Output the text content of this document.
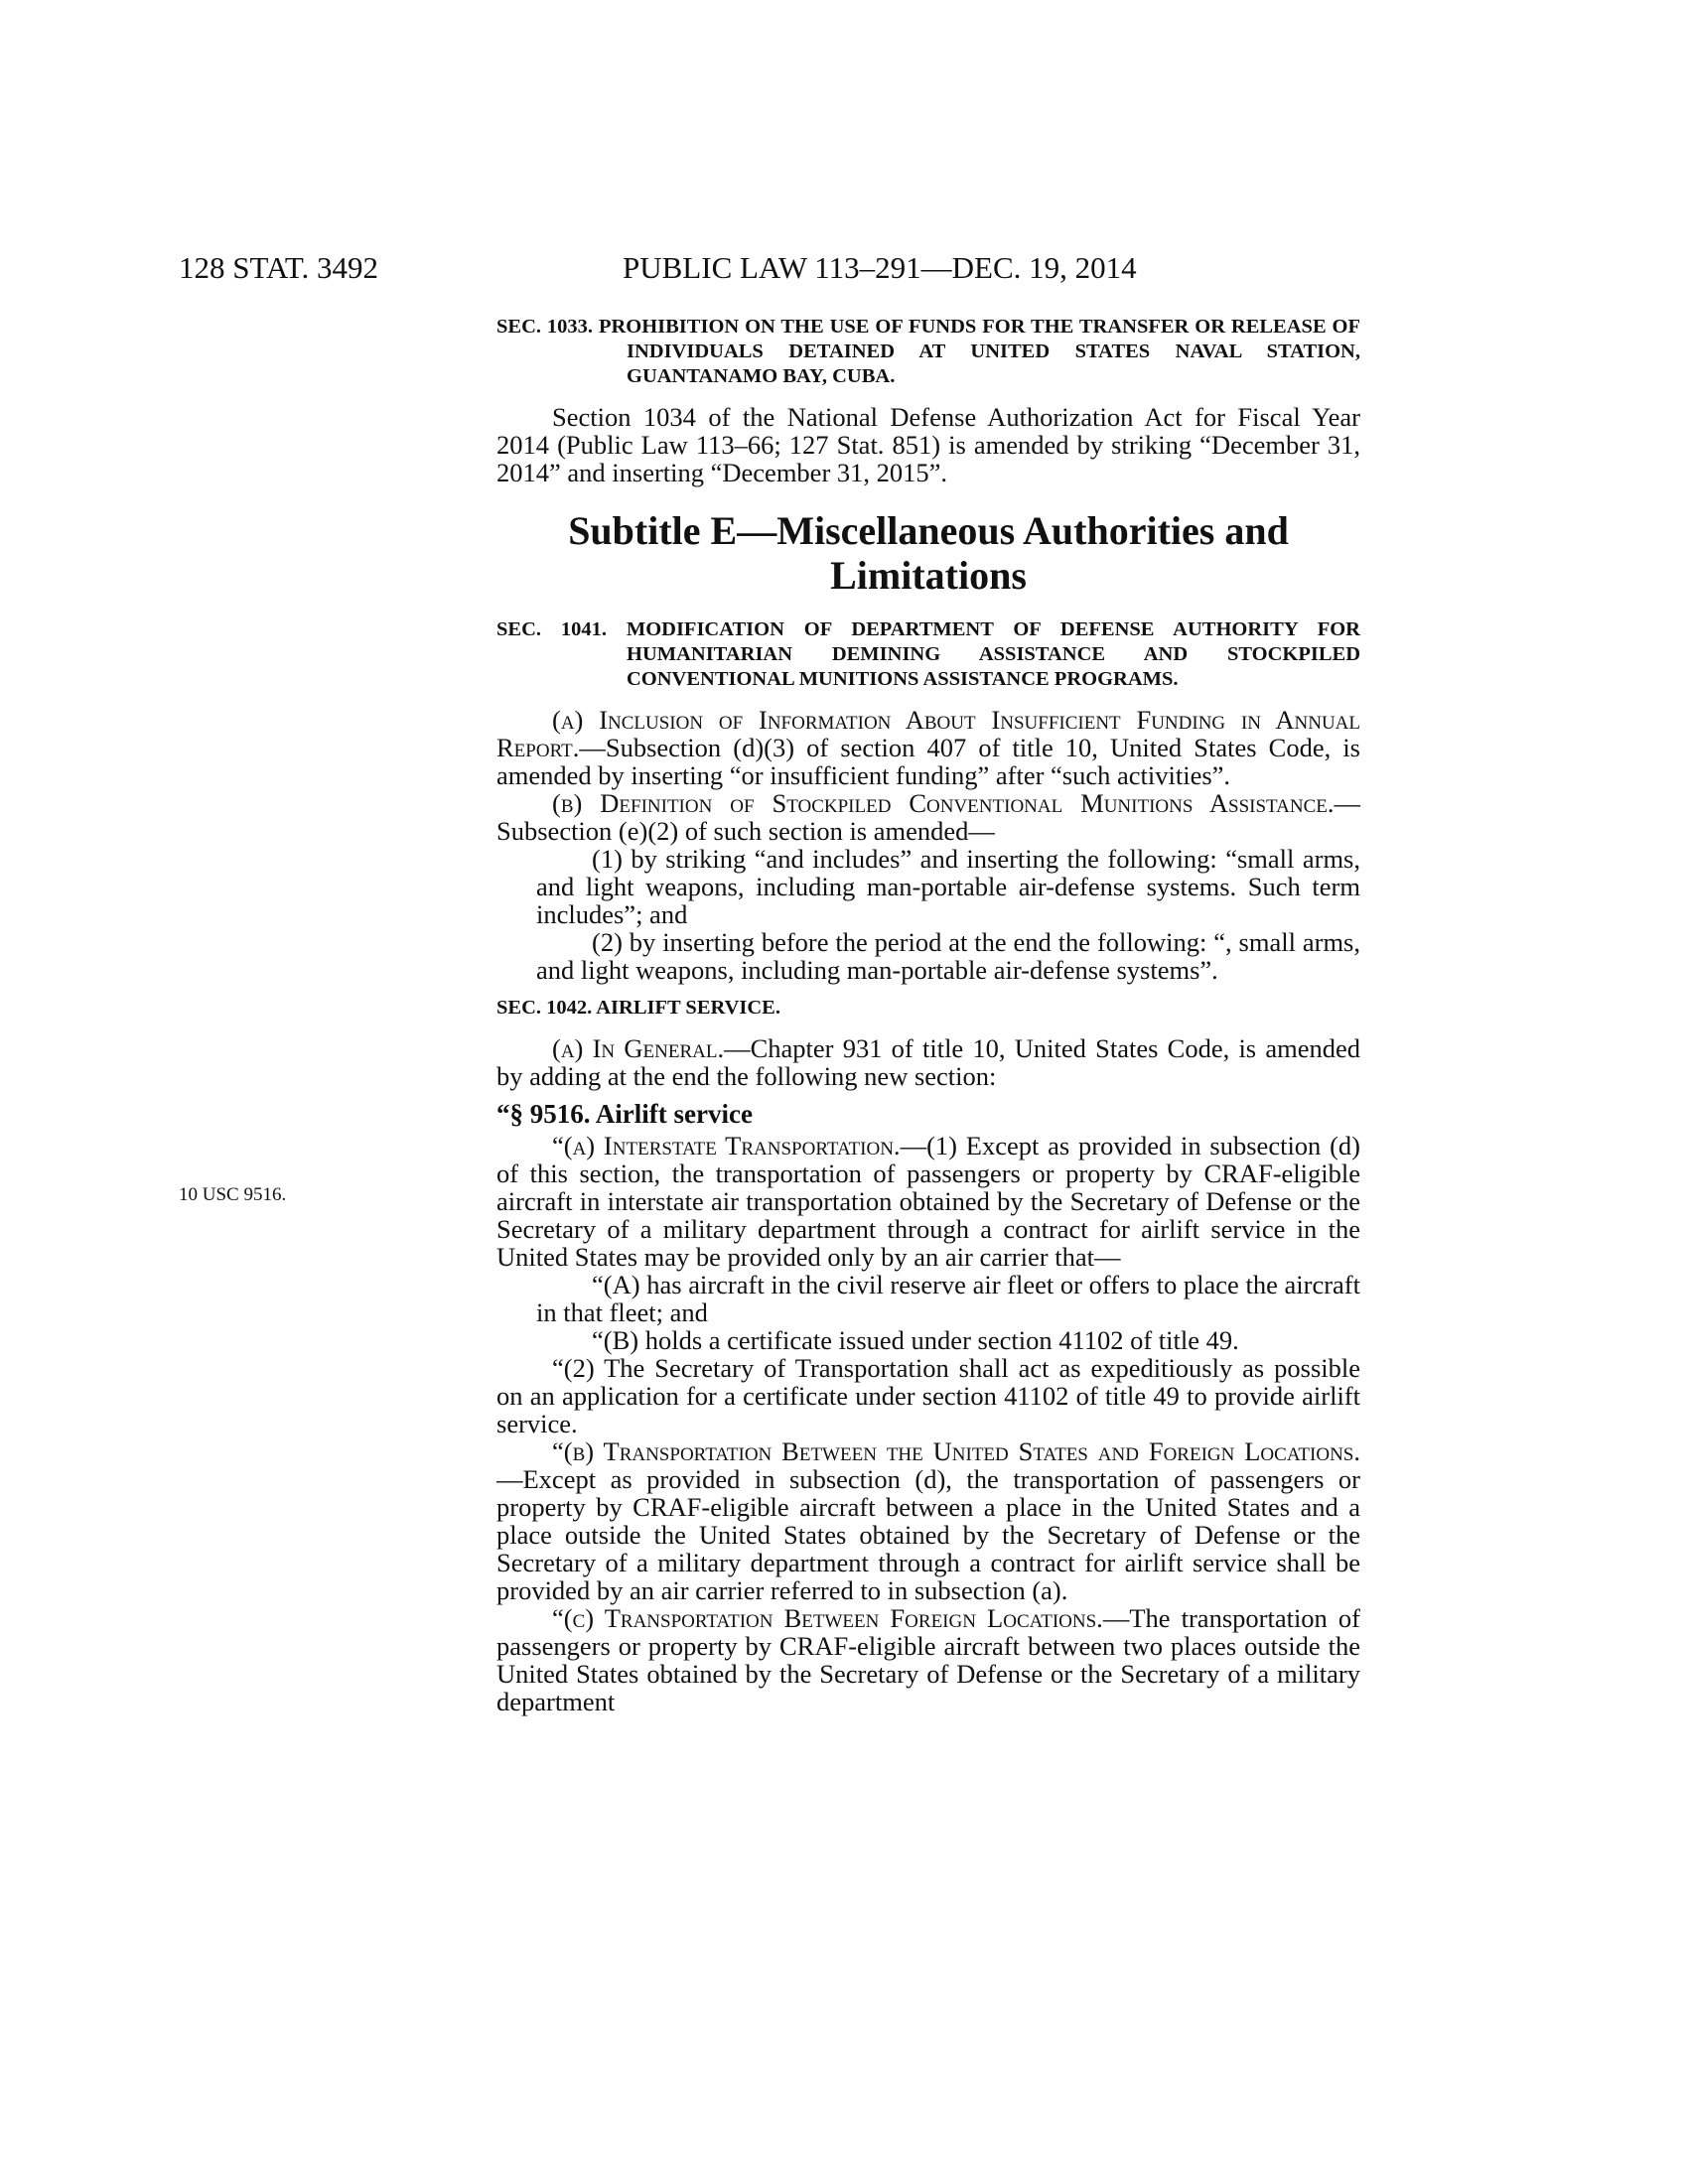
128 STAT. 3492	PUBLIC LAW 113–291—DEC. 19, 2014

SEC. 1033. PROHIBITION ON THE USE OF FUNDS FOR THE TRANSFER OR RELEASE OF INDIVIDUALS DETAINED AT UNITED STATES NAVAL STATION, GUANTANAMO BAY, CUBA.

Section 1034 of the National Defense Authorization Act for Fiscal Year 2014 (Public Law 113–66; 127 Stat. 851) is amended by striking “December 31, 2014” and inserting “December 31, 2015”.

Subtitle E—Miscellaneous Authorities and
Limitations

SEC. 1041. MODIFICATION OF DEPARTMENT OF DEFENSE AUTHORITY FOR HUMANITARIAN DEMINING ASSISTANCE AND STOCKPILED CONVENTIONAL MUNITIONS ASSISTANCE PROGRAMS.

(a) Inclusion of Information About Insufficient Funding in Annual Report.—Subsection (d)(3) of section 407 of title 10, United States Code, is amended by inserting “or insufficient funding” after “such activities”.

(b) Definition of Stockpiled Conventional Munitions Assistance.—Subsection (e)(2) of such section is amended—

(1) by striking “and includes” and inserting the following: “small arms, and light weapons, including man-portable air-defense systems. Such term includes”; and

(2) by inserting before the period at the end the following: “, small arms, and light weapons, including man-portable air-defense systems”.

SEC. 1042. AIRLIFT SERVICE.

(a) In General.—Chapter 931 of title 10, United States Code, is amended by adding at the end the following new section:

“§ 9516. Airlift service

“(a) Interstate Transportation.—(1) Except as provided in subsection (d) of this section, the transportation of passengers or property by CRAF-eligible aircraft in interstate air transportation obtained by the Secretary of Defense or the Secretary of a military department through a contract for airlift service in the United States may be provided only by an air carrier that—

“(A) has aircraft in the civil reserve air fleet or offers to place the aircraft in that fleet; and

“(B) holds a certificate issued under section 41102 of title 49.

“(2) The Secretary of Transportation shall act as expeditiously as possible on an application for a certificate under section 41102 of title 49 to provide airlift service.

“(b) Transportation Between the United States and Foreign Locations.—Except as provided in subsection (d), the transportation of passengers or property by CRAF-eligible aircraft between a place in the United States and a place outside the United States obtained by the Secretary of Defense or the Secretary of a military department through a contract for airlift service shall be provided by an air carrier referred to in subsection (a).

“(c) Transportation Between Foreign Locations.—The transportation of passengers or property by CRAF-eligible aircraft between two places outside the United States obtained by the Secretary of Defense or the Secretary of a military department

10 USC 9516.
